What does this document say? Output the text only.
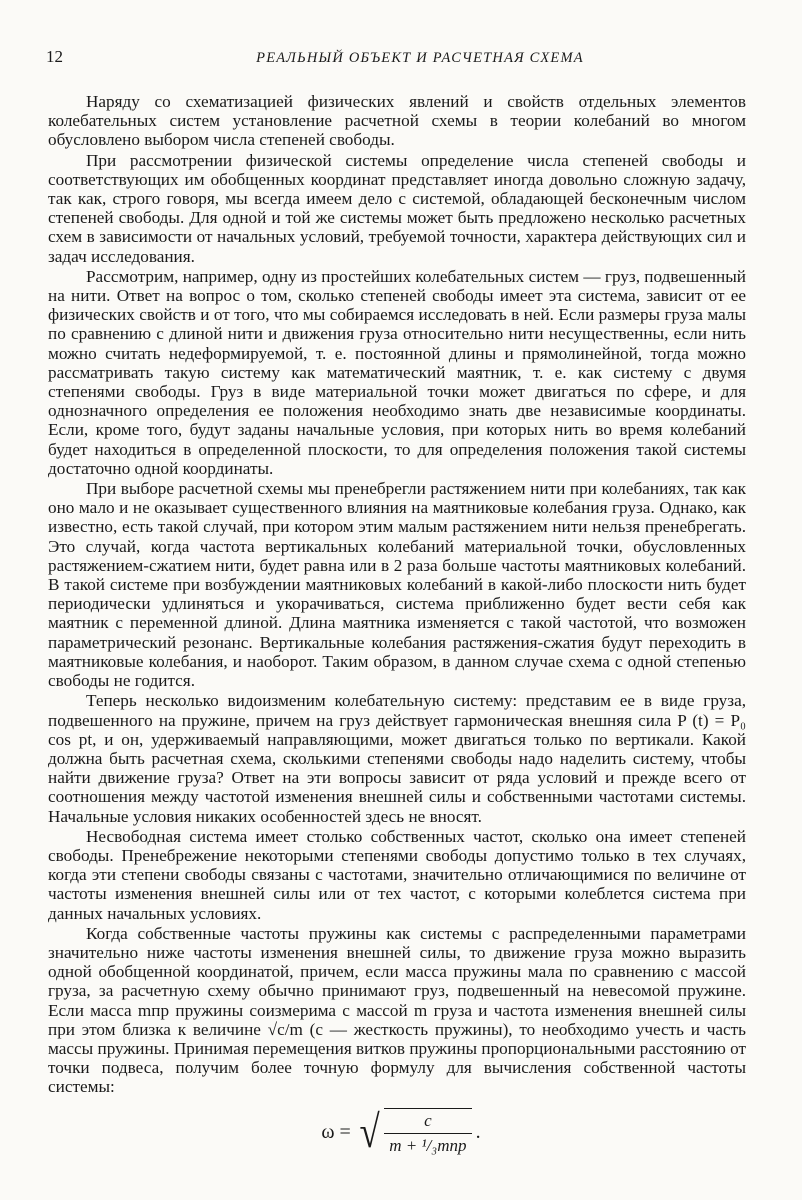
12	РЕАЛЬНЫЙ ОБЪЕКТ И РАСЧЕТНАЯ СХЕМА

Наряду со схематизацией физических явлений и свойств отдельных элементов колебательных систем установление расчетной схемы в теории колебаний во многом обусловлено выбором числа степеней свободы.

При рассмотрении физической системы определение числа степеней свободы и соответствующих им обобщенных координат представляет иногда довольно сложную задачу, так как, строго говоря, мы всегда имеем дело с системой, обладающей бесконечным числом степеней свободы. Для одной и той же системы может быть предложено несколько расчетных схем в зависимости от начальных условий, требуемой точности, характера действующих сил и задач исследования.

Рассмотрим, например, одну из простейших колебательных систем — груз, подвешенный на нити. Ответ на вопрос о том, сколько степеней свободы имеет эта система, зависит от ее физических свойств и от того, что мы собираемся исследовать в ней. Если размеры груза малы по сравнению с длиной нити и движения груза относительно нити несущественны, если нить можно считать недеформируемой, т. е. постоянной длины и прямолинейной, тогда можно рассматривать такую систему как математический маятник, т. е. как систему с двумя степенями свободы. Груз в виде материальной точки может двигаться по сфере, и для однозначного определения ее положения необходимо знать две независимые координаты. Если, кроме того, будут заданы начальные условия, при которых нить во время колебаний будет находиться в определенной плоскости, то для определения положения такой системы достаточно одной координаты.

При выборе расчетной схемы мы пренебрегли растяжением нити при колебаниях, так как оно мало и не оказывает существенного влияния на маятниковые колебания груза. Однако, как известно, есть такой случай, при котором этим малым растяжением нити нельзя пренебрегать. Это случай, когда частота вертикальных колебаний материальной точки, обусловленных растяжением-сжатием нити, будет равна или в 2 раза больше частоты маятниковых колебаний. В такой системе при возбуждении маятниковых колебаний в какой-либо плоскости нить будет периодически удлиняться и укорачиваться, система приближенно будет вести себя как маятник с переменной длиной. Длина маятника изменяется с такой частотой, что возможен параметрический резонанс. Вертикальные колебания растяжения-сжатия будут переходить в маятниковые колебания, и наоборот. Таким образом, в данном случае схема с одной степенью свободы не годится.

Теперь несколько видоизменим колебательную систему: представим ее в виде груза, подвешенного на пружине, причем на груз действует гармоническая внешняя сила P (t) = P₀ cos pt, и он, удерживаемый направляющими, может двигаться только по вертикали. Какой должна быть расчетная схема, сколькими степенями свободы надо наделить систему, чтобы найти движение груза? Ответ на эти вопросы зависит от ряда условий и прежде всего от соотношения между частотой изменения внешней силы и собственными частотами системы. Начальные условия никаких особенностей здесь не вносят.

Несвободная система имеет столько собственных частот, сколько она имеет степеней свободы. Пренебрежение некоторыми степенями свободы допустимо только в тех случаях, когда эти степени свободы связаны с частотами, значительно отличающимися по величине от частоты изменения внешней силы или от тех частот, с которыми колеблется система при данных начальных условиях.

Когда собственные частоты пружины как системы с распределенными параметрами значительно ниже частоты изменения внешней силы, то движение груза можно выразить одной обобщенной координатой, причем, если масса пружины мала по сравнению с массой груза, за расчетную схему обычно принимают груз, подвешенный на невесомой пружине. Если масса mпр пружины соизмерима с массой m груза и частота изменения внешней силы при этом близка к величине √c/m (c — жесткость пружины), то необходимо учесть и часть массы пружины. Принимая перемещения витков пружины пропорциональными расстоянию от точки подвеса, получим более точную формулу для вычисления собственной частоты системы:

ω = √ $\frac{c}{\text{m + ¹/₃mпр}}$ .
